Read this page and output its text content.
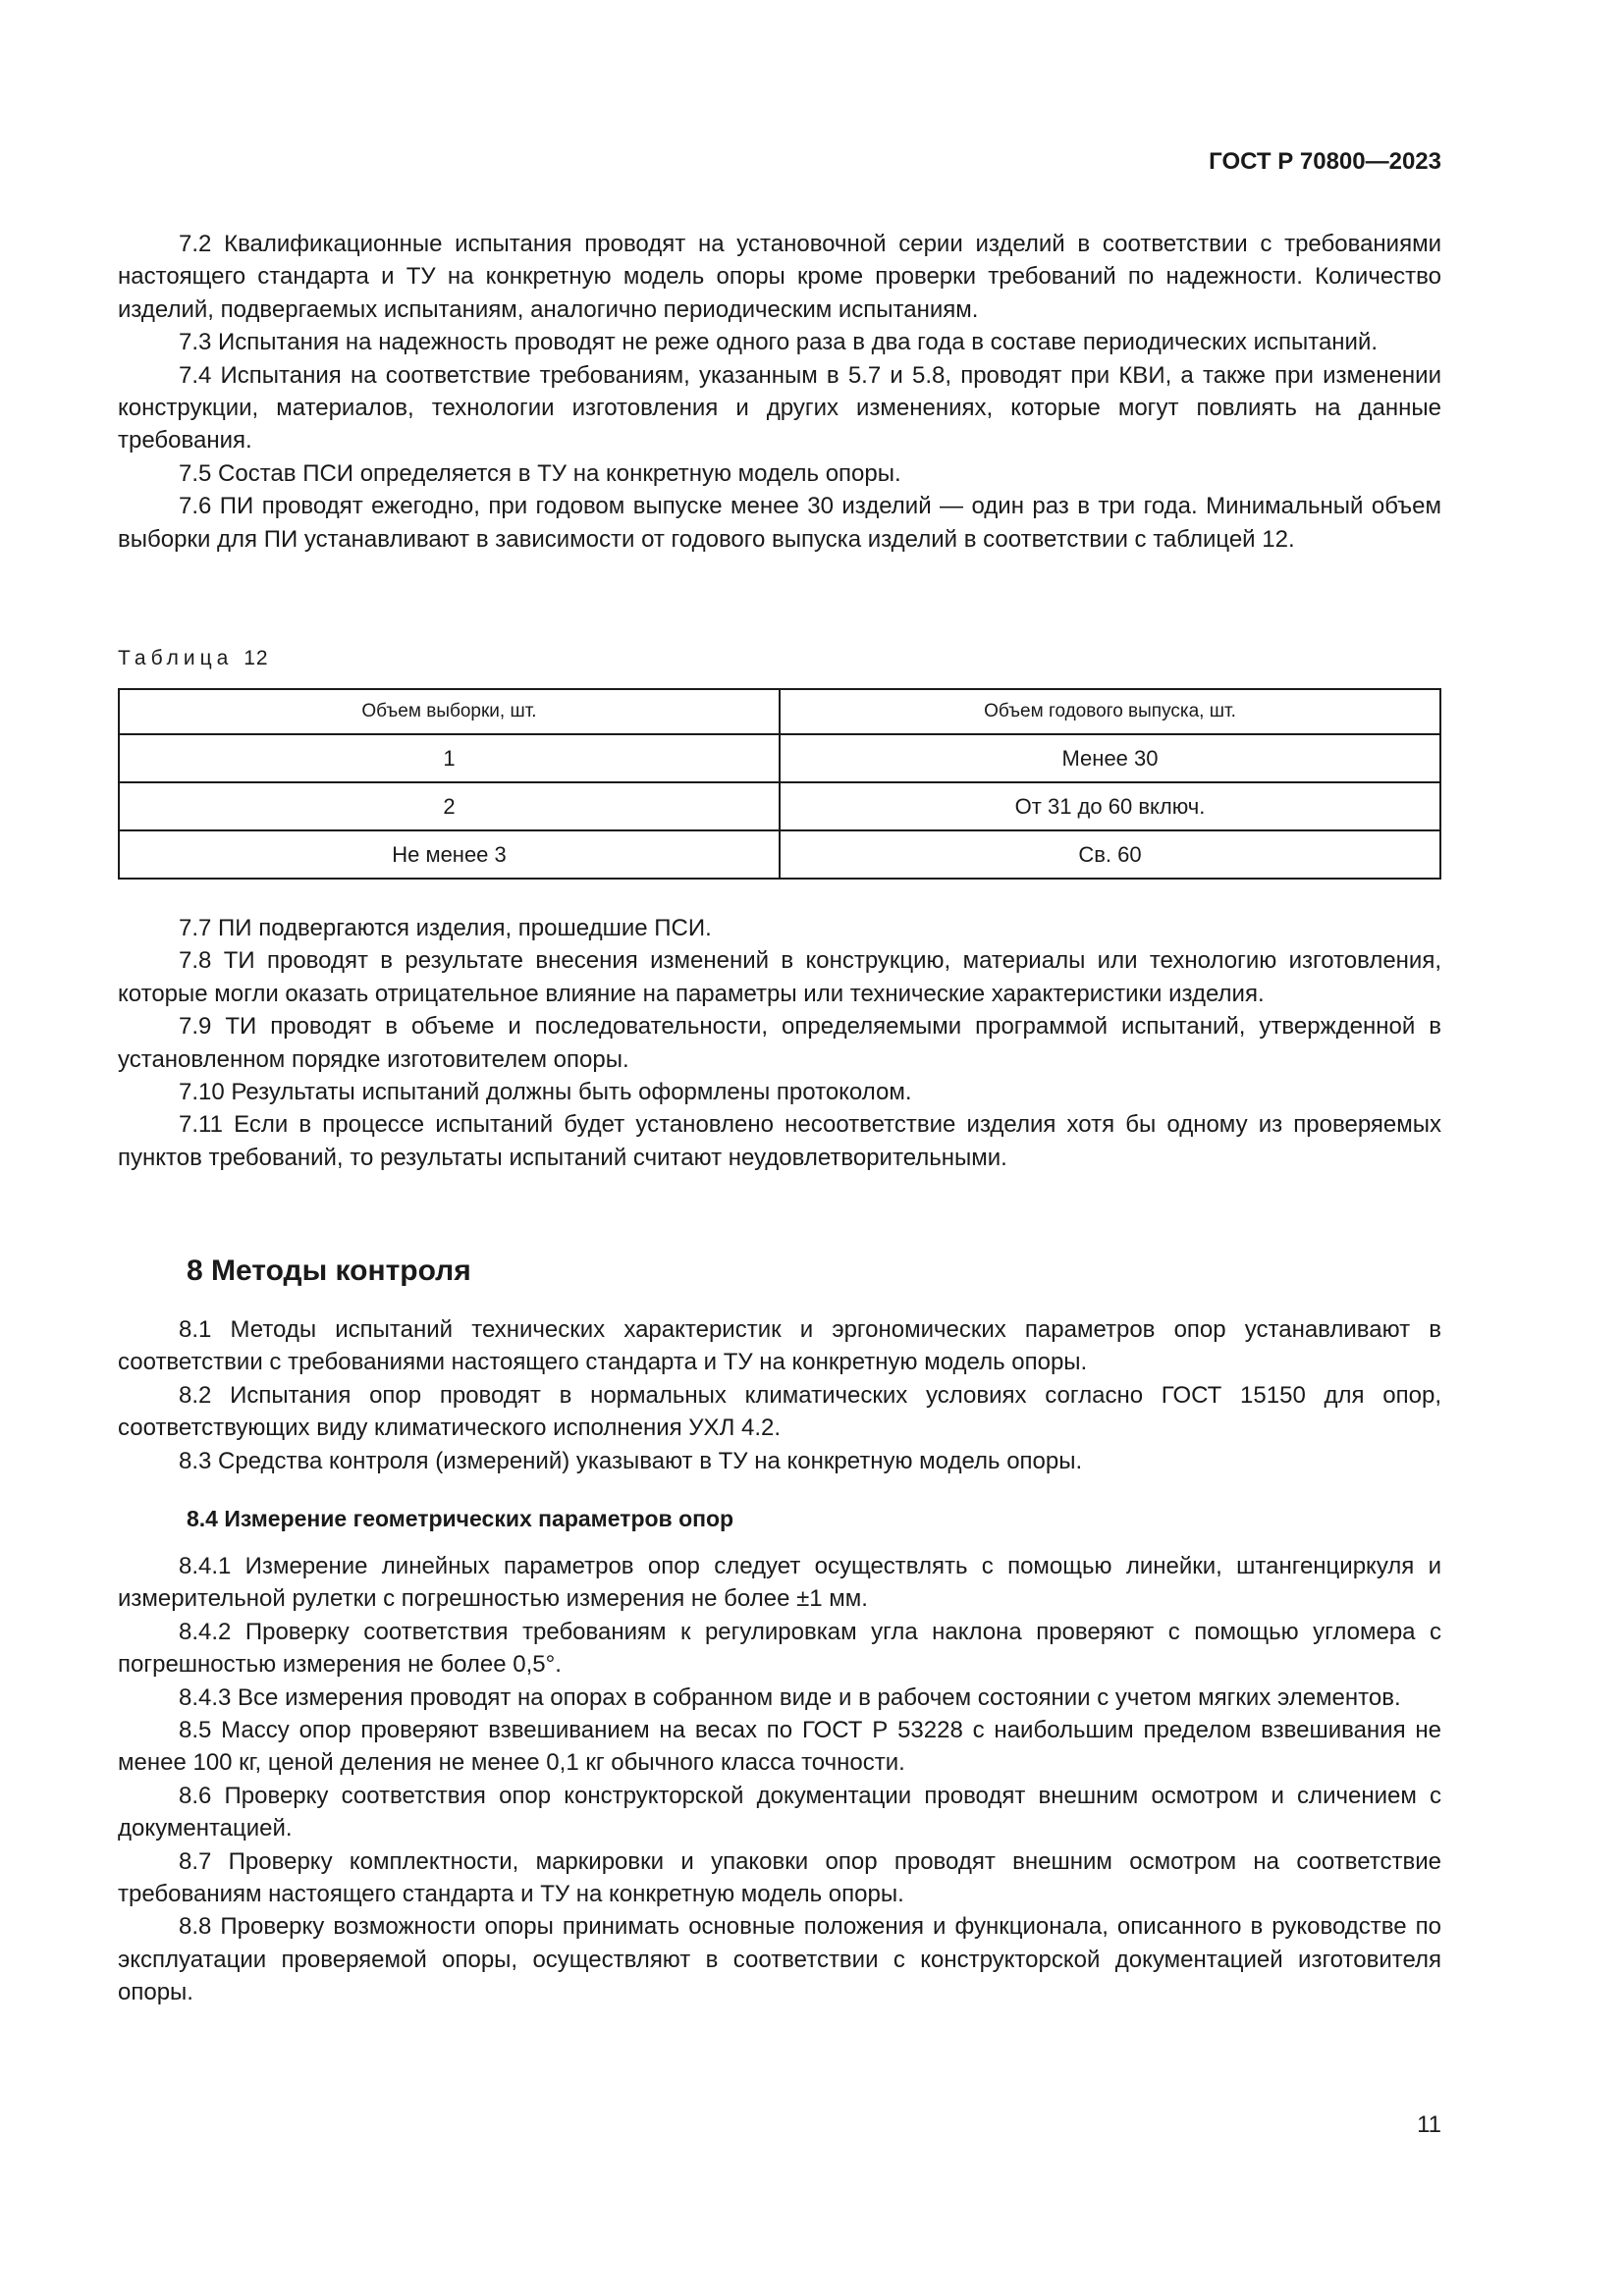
ГОСТ Р 70800—2023

7.2 Квалификационные испытания проводят на установочной серии изделий в соответствии с требованиями настоящего стандарта и ТУ на конкретную модель опоры кроме проверки требований по надежности. Количество изделий, подвергаемых испытаниям, аналогично периодическим испытаниям.

7.3 Испытания на надежность проводят не реже одного раза в два года в составе периодических испытаний.

7.4 Испытания на соответствие требованиям, указанным в 5.7 и 5.8, проводят при КВИ, а также при изменении конструкции, материалов, технологии изготовления и других изменениях, которые могут повлиять на данные требования.

7.5 Состав ПСИ определяется в ТУ на конкретную модель опоры.

7.6 ПИ проводят ежегодно, при годовом выпуске менее 30 изделий — один раз в три года. Минимальный объем выборки для ПИ устанавливают в зависимости от годового выпуска изделий в соответствии с таблицей 12.

Таблица 12
Объем выборки, шт.	Объем годового выпуска, шт.
1	Менее 30
2	От 31 до 60 включ.
Не менее 3	Св. 60

7.7 ПИ подвергаются изделия, прошедшие ПСИ.

7.8 ТИ проводят в результате внесения изменений в конструкцию, материалы или технологию изготовления, которые могли оказать отрицательное влияние на параметры или технические характеристики изделия.

7.9 ТИ проводят в объеме и последовательности, определяемыми программой испытаний, утвержденной в установленном порядке изготовителем опоры.

7.10 Результаты испытаний должны быть оформлены протоколом.

7.11 Если в процессе испытаний будет установлено несоответствие изделия хотя бы одному из проверяемых пунктов требований, то результаты испытаний считают неудовлетворительными.

8 Методы контроля

8.1 Методы испытаний технических характеристик и эргономических параметров опор устанавливают в соответствии с требованиями настоящего стандарта и ТУ на конкретную модель опоры.

8.2 Испытания опор проводят в нормальных климатических условиях согласно ГОСТ 15150 для опор, соответствующих виду климатического исполнения УХЛ 4.2.

8.3 Средства контроля (измерений) указывают в ТУ на конкретную модель опоры.

8.4 Измерение геометрических параметров опор

8.4.1 Измерение линейных параметров опор следует осуществлять с помощью линейки, штангенциркуля и измерительной рулетки с погрешностью измерения не более ±1 мм.

8.4.2 Проверку соответствия требованиям к регулировкам угла наклона проверяют с помощью угломера с погрешностью измерения не более 0,5°.

8.4.3 Все измерения проводят на опорах в собранном виде и в рабочем состоянии с учетом мягких элементов.

8.5 Массу опор проверяют взвешиванием на весах по ГОСТ Р 53228 с наибольшим пределом взвешивания не менее 100 кг, ценой деления не менее 0,1 кг обычного класса точности.

8.6 Проверку соответствия опор конструкторской документации проводят внешним осмотром и сличением с документацией.

8.7 Проверку комплектности, маркировки и упаковки опор проводят внешним осмотром на соответствие требованиям настоящего стандарта и ТУ на конкретную модель опоры.

8.8 Проверку возможности опоры принимать основные положения и функционала, описанного в руководстве по эксплуатации проверяемой опоры, осуществляют в соответствии с конструкторской документацией изготовителя опоры.

11
